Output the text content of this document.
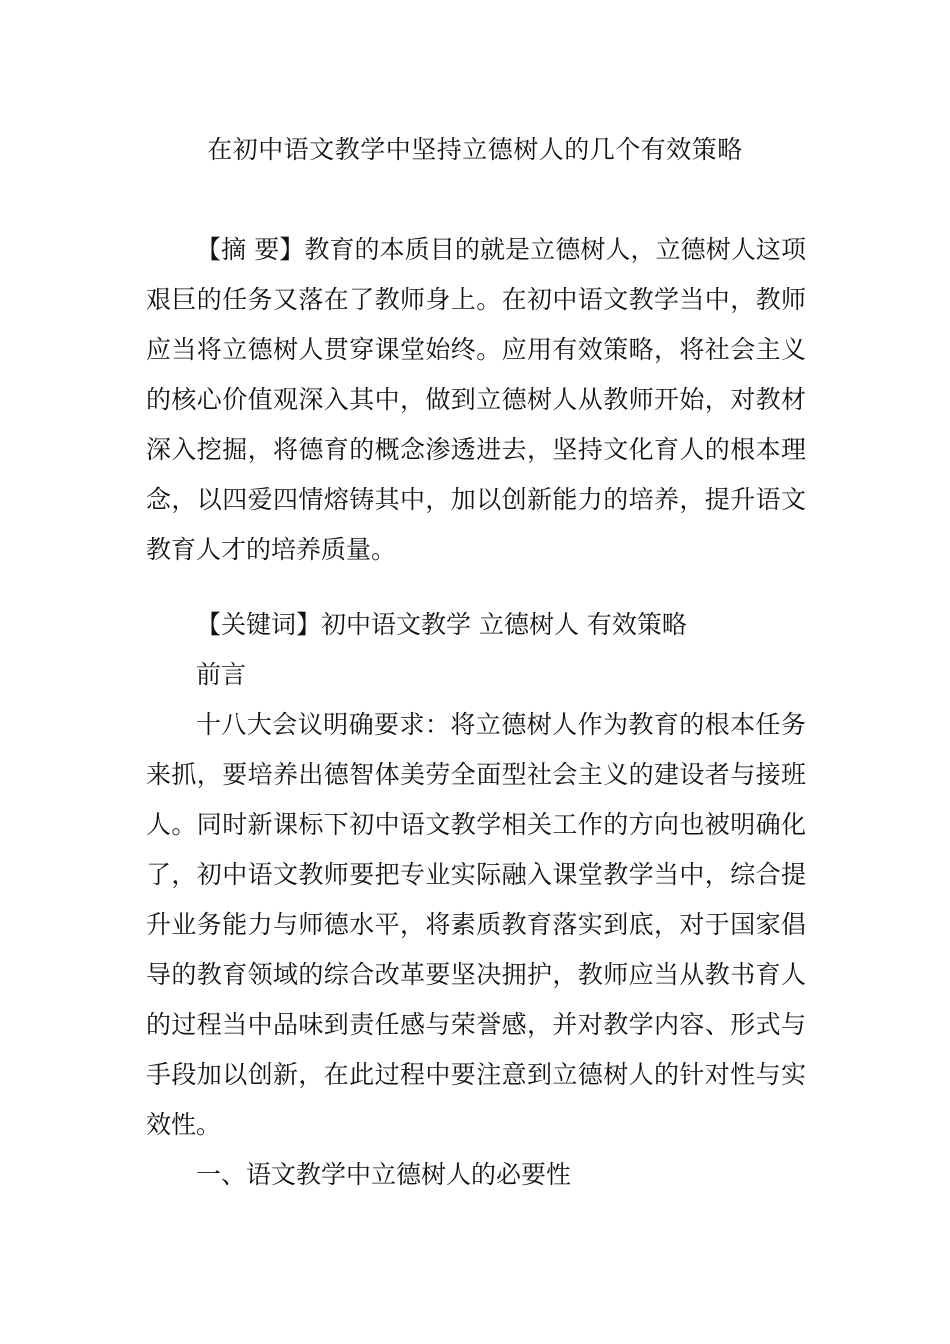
在初中语文教学中坚持立德树人的几个有效策略

【摘 要】教育的本质目的就是立德树人，立德树人这项艰巨的任务又落在了教师身上。在初中语文教学当中，教师应当将立德树人贯穿课堂始终。应用有效策略，将社会主义的核心价值观深入其中，做到立德树人从教师开始，对教材深入挖掘，将德育的概念渗透进去，坚持文化育人的根本理念，以四爱四情熔铸其中，加以创新能力的培养，提升语文教育人才的培养质量。

【关键词】初中语文教学 立德树人 有效策略

前言

十八大会议明确要求：将立德树人作为教育的根本任务来抓，要培养出德智体美劳全面型社会主义的建设者与接班人。同时新课标下初中语文教学相关工作的方向也被明确化了，初中语文教师要把专业实际融入课堂教学当中，综合提升业务能力与师德水平，将素质教育落实到底，对于国家倡导的教育领域的综合改革要坚决拥护，教师应当从教书育人的过程当中品味到责任感与荣誉感，并对教学内容、形式与手段加以创新，在此过程中要注意到立德树人的针对性与实效性。

一、语文教学中立德树人的必要性
